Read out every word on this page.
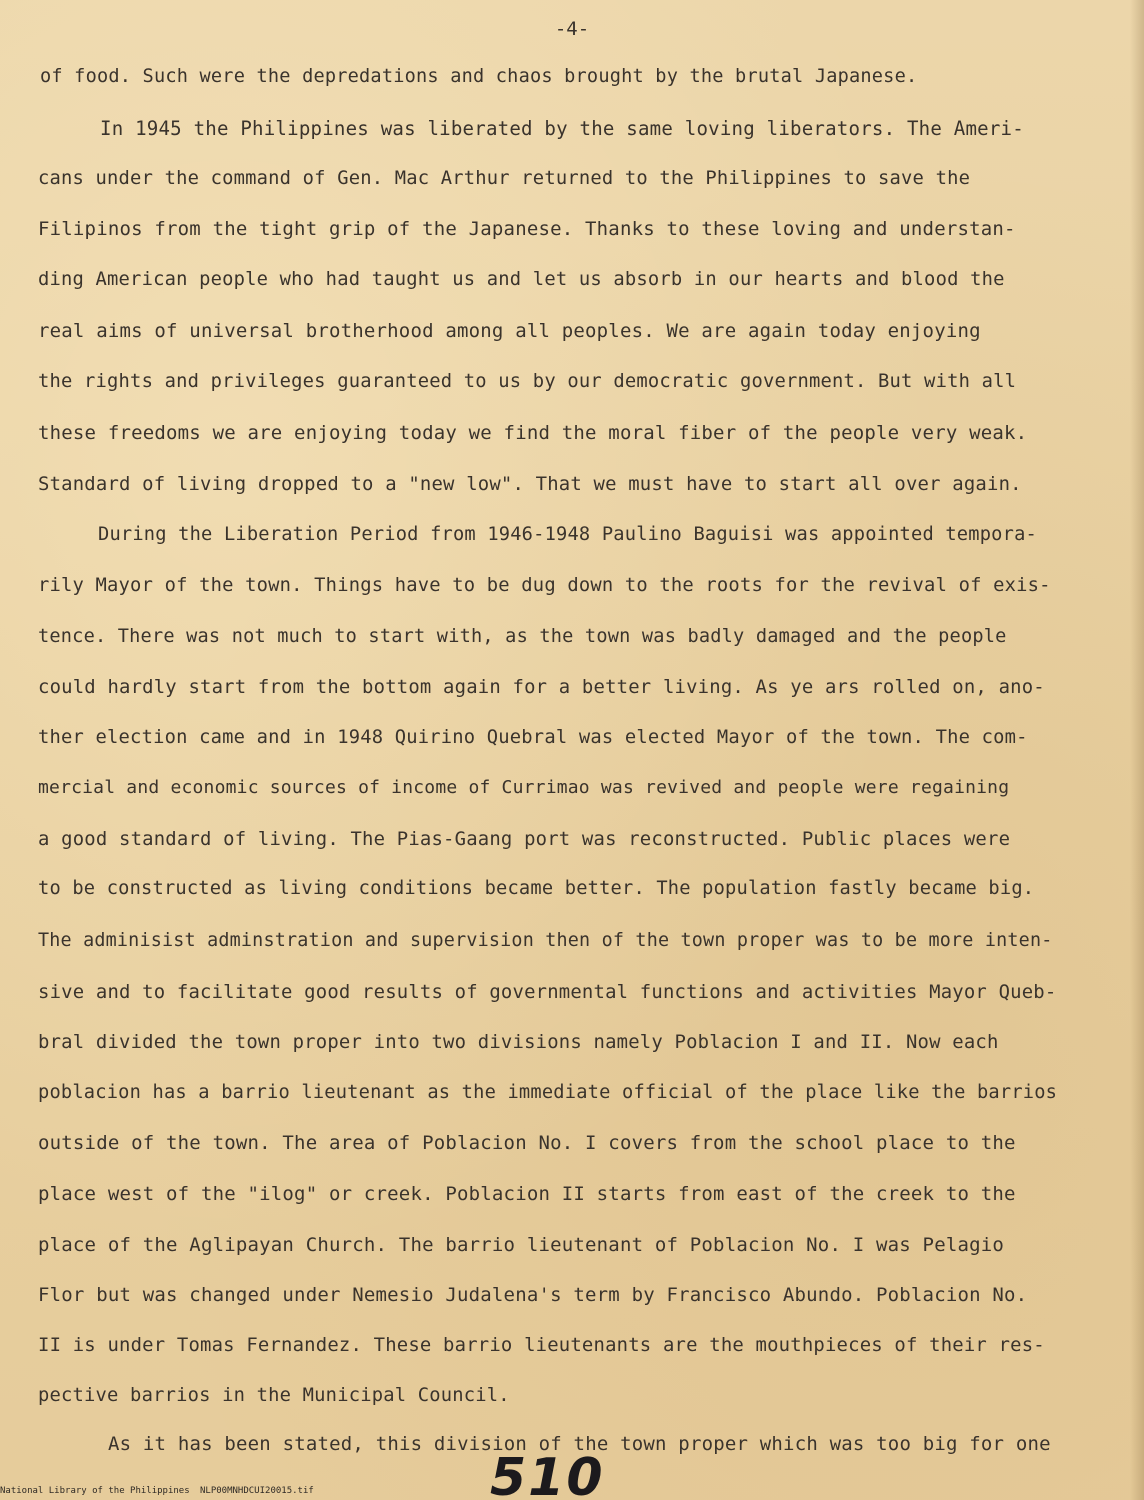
-4-
of food. Such were the depredations and chaos brought by the brutal Japanese.
In 1945 the Philippines was liberated by the same loving liberators. The Ameri-
cans under the command of Gen. Mac Arthur returned to the Philippines to save the
Filipinos from the tight grip of the Japanese. Thanks to these loving and understan-
ding American people who had taught us and let us absorb in our hearts and blood the
real aims of universal brotherhood among all peoples. We are again today enjoying
the rights and privileges guaranteed to us by our democratic government. But with all
these freedoms we are enjoying today we find the moral fiber of the people very weak.
Standard of living dropped to a "new low". That we must have to start all over again.
During the Liberation Period from 1946-1948 Paulino Baguisi was appointed tempora-
rily Mayor of the town. Things have to be dug down to the roots for the revival of exis-
tence. There was not much to start with, as the town was badly damaged and the people
could hardly start from the bottom again for a better living. As ye ars rolled on, ano-
ther election came and in 1948 Quirino Quebral was elected Mayor of the town. The com-
mercial and economic sources of income of Currimao was revived and people were regaining
a good standard of living. The Pias-Gaang port was reconstructed. Public places were
to be constructed as living conditions became better. The population fastly became big.
The adminisist adminstration and supervision then of the town proper was to be more inten-
sive and to facilitate good results of governmental functions and activities Mayor Queb-
bral divided the town proper into two divisions namely Poblacion I and II. Now each
poblacion has a barrio lieutenant as the immediate official of the place like the barrios
outside of the town. The area of Poblacion No. I covers from the school place to the
place west of the "ilog" or creek. Poblacion II starts from east of the creek to the
place of the Aglipayan Church. The barrio lieutenant of Poblacion No. I was Pelagio
Flor but was changed under Nemesio Judalena's term by Francisco Abundo. Poblacion No.
II is under Tomas Fernandez. These barrio lieutenants are the mouthpieces of their res-
pective barrios in the Municipal Council.
As it has been stated, this division of the town proper which was too big for one
510
National Library of the Philippines NLP00MNHDCUI20015.tif
